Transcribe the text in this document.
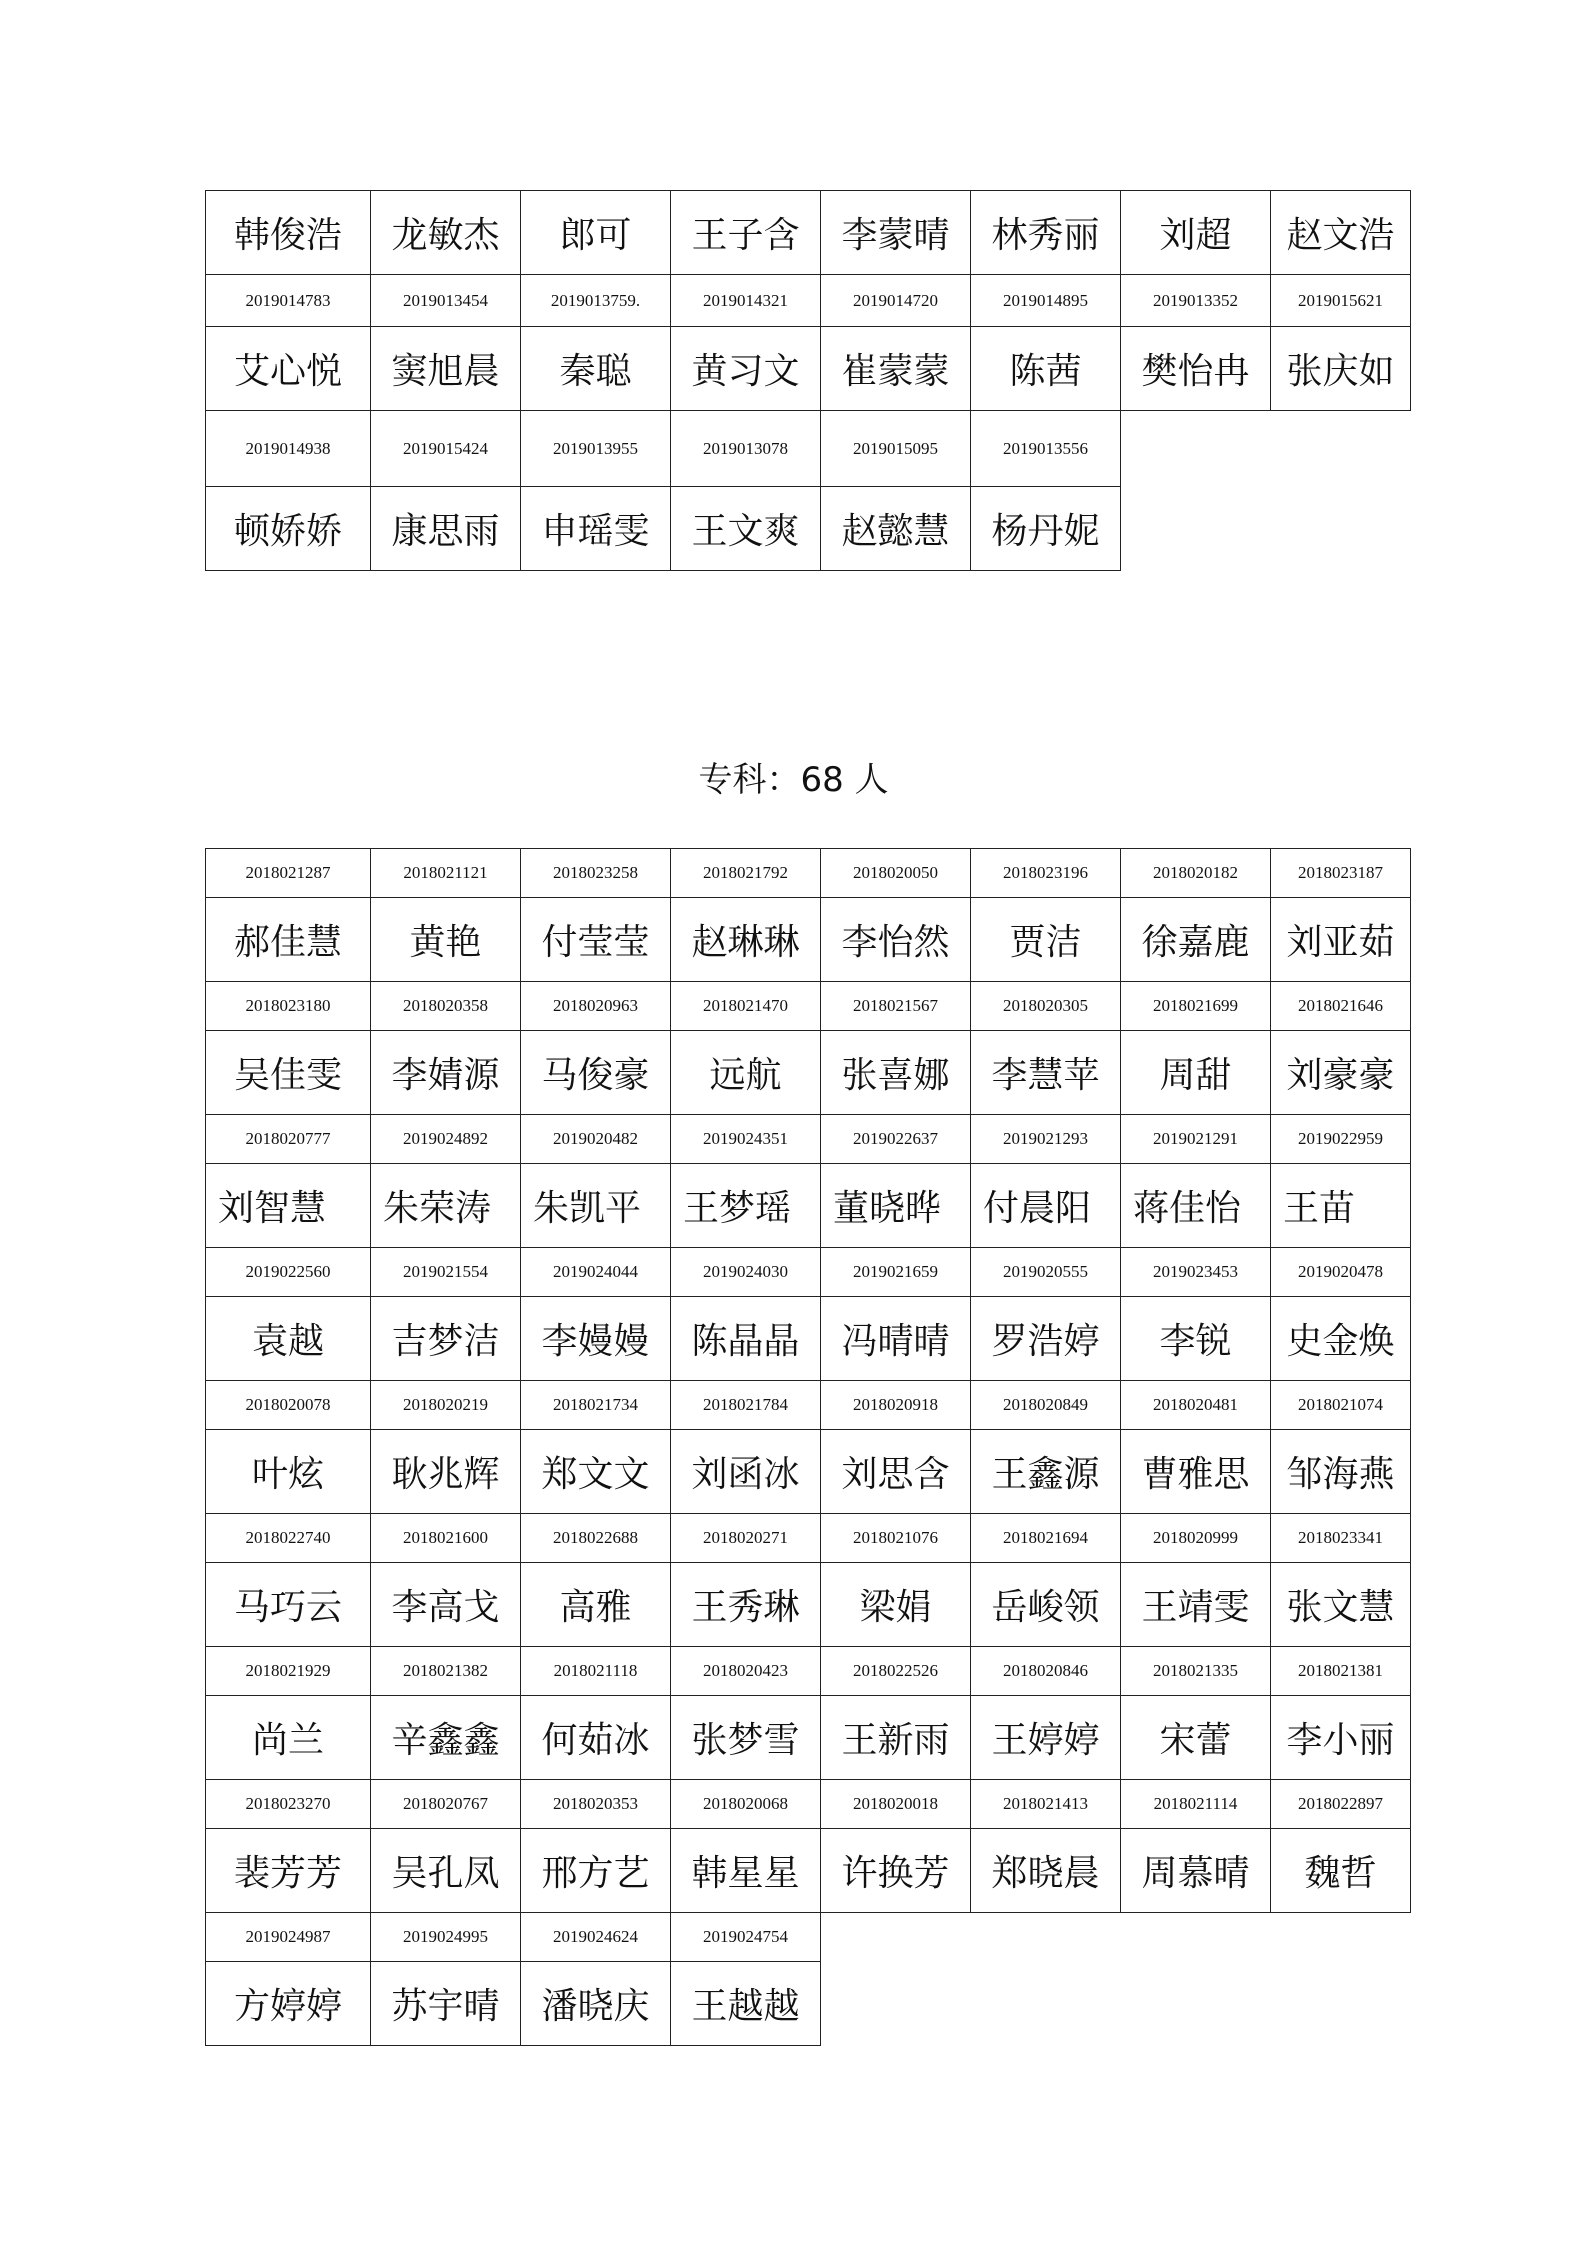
韩俊浩	龙敏杰	郎可	王子含	李蒙晴	林秀丽	刘超	赵文浩
2019014783	2019013454	2019013759.	2019014321	2019014720	2019014895	2019013352	2019015621
艾心悦	窦旭晨	秦聪	黄习文	崔蒙蒙	陈茜	樊怡冉	张庆如
2019014938	2019015424	2019013955	2019013078	2019015095	2019013556		
顿娇娇	康思雨	申瑶雯	王文爽	赵懿慧	杨丹妮		
专科：68 人
2018021287	2018021121	2018023258	2018021792	2018020050	2018023196	2018020182	2018023187
郝佳慧	黄艳	付莹莹	赵琳琳	李怡然	贾洁	徐嘉鹿	刘亚茹
2018023180	2018020358	2018020963	2018021470	2018021567	2018020305	2018021699	2018021646
吴佳雯	李婧源	马俊豪	远航	张喜娜	李慧苹	周甜	刘豪豪
2018020777	2019024892	2019020482	2019024351	2019022637	2019021293	2019021291	2019022959
刘智慧	朱荣涛	朱凯平	王梦瑶	董晓晔	付晨阳	蒋佳怡	王苗
2019022560	2019021554	2019024044	2019024030	2019021659	2019020555	2019023453	2019020478
袁越	吉梦洁	李嫚嫚	陈晶晶	冯晴晴	罗浩婷	李锐	史金焕
2018020078	2018020219	2018021734	2018021784	2018020918	2018020849	2018020481	2018021074
叶炫	耿兆辉	郑文文	刘函冰	刘思含	王鑫源	曹雅思	邹海燕
2018022740	2018021600	2018022688	2018020271	2018021076	2018021694	2018020999	2018023341
马巧云	李高戈	高雅	王秀琳	梁娟	岳峻领	王靖雯	张文慧
2018021929	2018021382	2018021118	2018020423	2018022526	2018020846	2018021335	2018021381
尚兰	辛鑫鑫	何茹冰	张梦雪	王新雨	王婷婷	宋蕾	李小丽
2018023270	2018020767	2018020353	2018020068	2018020018	2018021413	2018021114	2018022897
裴芳芳	吴孔凤	邢方艺	韩星星	许换芳	郑晓晨	周慕晴	魏哲
2019024987	2019024995	2019024624	2019024754				
方婷婷	苏宇晴	潘晓庆	王越越				
